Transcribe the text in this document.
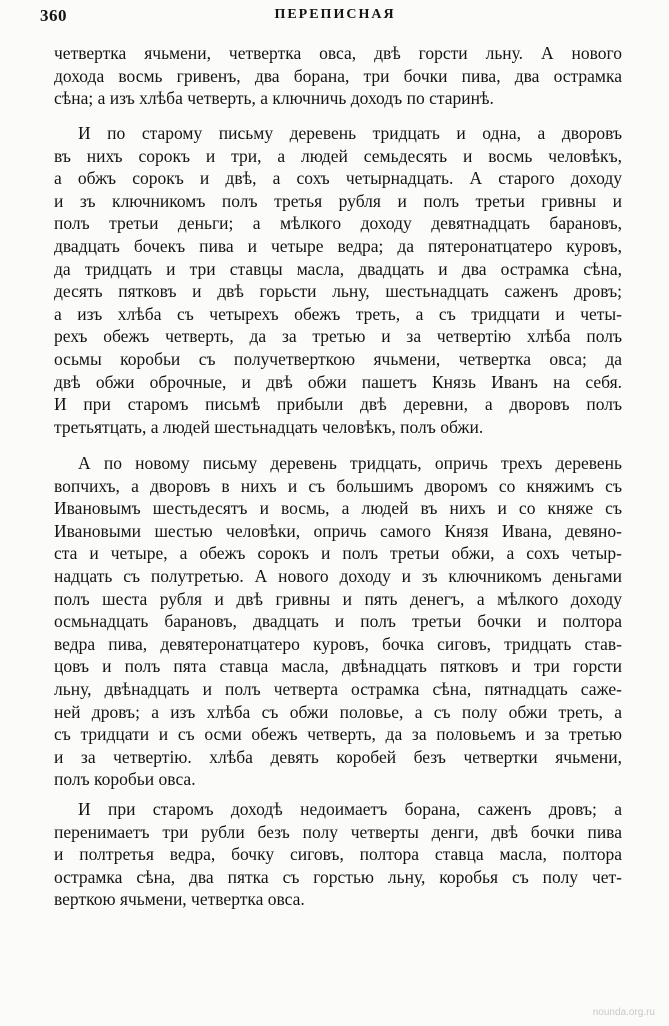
360	ПЕРЕПИСНАЯ
четвертка ячьмени, четвертка овса, двѣ горсти льну. А нового
дохода восмь гривенъ, два борана, три бочки пива, два острамка
сѣна; а изъ хлѣба четверть, а ключничь доходъ по старинѣ.
И по старому письму деревень тридцать и одна, а дворовъ
въ нихъ сорокъ и три, а людей семьдесять и восмь человѣкъ,
а обжъ сорокъ и двѣ, а сохъ четырнадцать. А старого доходу
и зъ ключникомъ полъ третья рубля и полъ третьи гривны и
полъ третьи деньги; а мѣлкого доходу девятнадцать барановъ,
двадцать бочекъ пива и четыре ведра; да пятеронатцатеро куровъ,
да тридцать и три ставцы масла, двадцать и два острамка сѣна,
десять пятковъ и двѣ горьсти льну, шестьнадцать саженъ дровъ;
а изъ хлѣба съ четырехъ обежъ треть, а съ тридцати и четы-
рехъ обежъ четверть, да за третью и за четвертію хлѣба полъ
осьмы коробьи съ получетверткою ячьмени, четвертка овса; да
двѣ обжи оброчные, и двѣ обжи пашетъ Князь Иванъ на себя.
И при старомъ письмѣ прибыли двѣ деревни, а дворовъ полъ
третьятцать, а людей шестьнадцать человѣкъ, полъ обжи.
А по новому письму деревень тридцать, опричь трехъ деревень
вопчихъ, а дворовъ в нихъ и съ большимъ дворомъ со княжимъ съ
Ивановымъ шестьдесятъ и восмь, а людей въ нихъ и со княже съ
Ивановыми шестью человѣки, опричь самого Князя Ивана, девяно-
ста и четыре, а обежъ сорокъ и полъ третьи обжи, а сохъ четыр-
надцать съ полутретью. А нового доходу и зъ ключникомъ деньгами
полъ шеста рубля и двѣ гривны и пять денегъ, а мѣлкого доходу
осмьнадцать барановъ, двадцать и полъ третьи бочки и полтора
ведра пива, девятеронатцатеро куровъ, бочка сиговъ, тридцать став-
цовъ и полъ пята ставца масла, двѣнадцать пятковъ и три горсти
льну, двѣнадцать и полъ четверта острамка сѣна, пятнадцать саже-
ней дровъ; а изъ хлѣба съ обжи половье, а съ полу обжи треть, а
съ тридцати и съ осми обежъ четверть, да за половьемъ и за третью
и за четвертію. хлѣба девять коробей безъ четвертки ячьмени,
полъ коробьи овса.
И при старомъ доходѣ недоимаетъ борана, саженъ дровъ; а
перенимаетъ три рубли безъ полу четверты денги, двѣ бочки пива
и полтретья ведра, бочку сиговъ, полтора ставца масла, полтора
острамка сѣна, два пятка съ горстью льну, коробья съ полу чет-
верткою ячьмени, четвертка овса.
nounda.org.ru
